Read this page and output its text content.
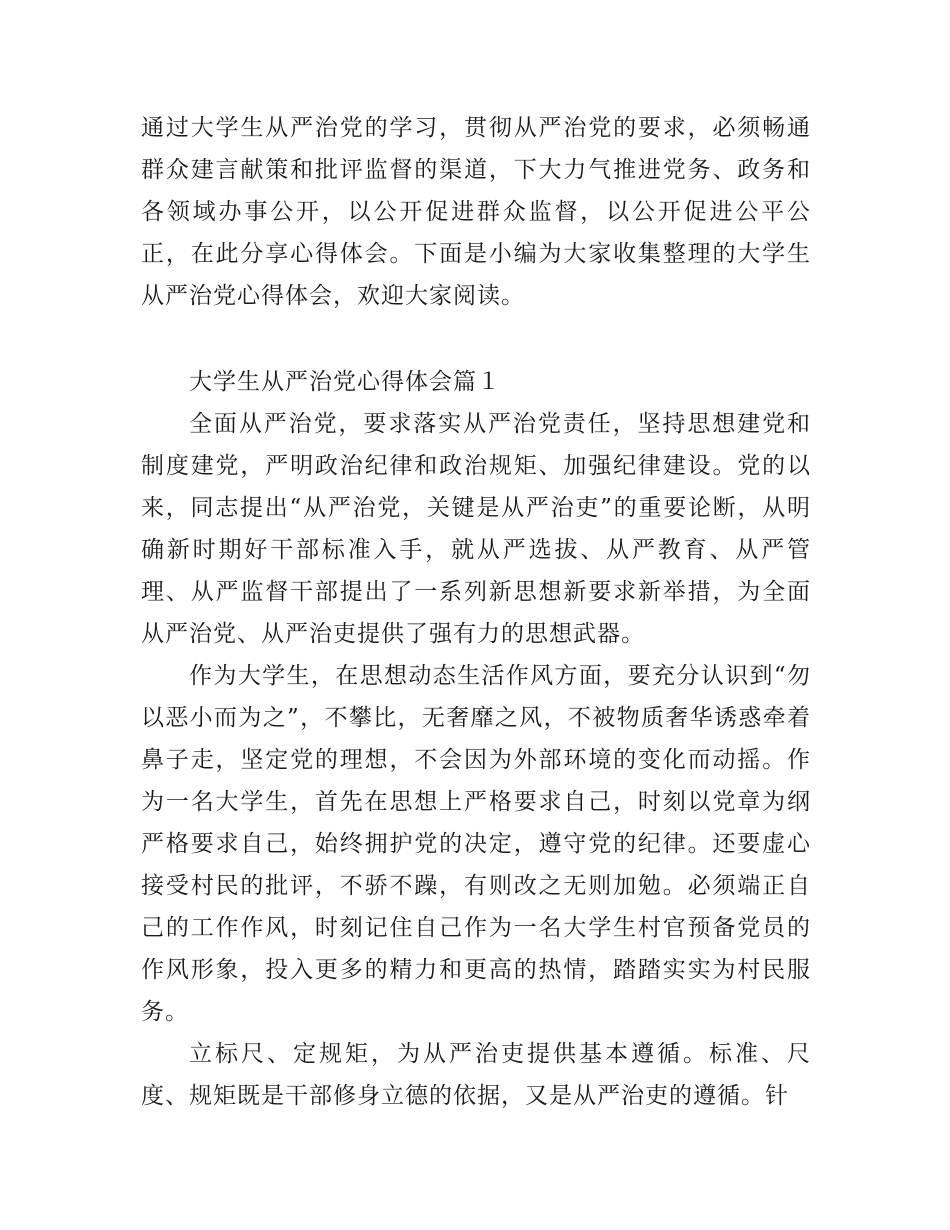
通过大学生从严治党的学习，贯彻从严治党的要求，必须畅通群众建言献策和批评监督的渠道，下大力气推进党务、政务和各领域办事公开，以公开促进群众监督，以公开促进公平公正，在此分享心得体会。下面是小编为大家收集整理的大学生从严治党心得体会，欢迎大家阅读。

大学生从严治党心得体会篇１

全面从严治党，要求落实从严治党责任，坚持思想建党和制度建党，严明政治纪律和政治规矩、加强纪律建设。党的以来，同志提出“从严治党，关键是从严治吏”的重要论断，从明确新时期好干部标准入手，就从严选拔、从严教育、从严管理、从严监督干部提出了一系列新思想新要求新举措，为全面从严治党、从严治吏提供了强有力的思想武器。

作为大学生，在思想动态生活作风方面，要充分认识到“勿以恶小而为之”，不攀比，无奢靡之风，不被物质奢华诱惑牵着鼻子走，坚定党的理想，不会因为外部环境的变化而动摇。作为一名大学生，首先在思想上严格要求自己，时刻以党章为纲严格要求自己，始终拥护党的决定，遵守党的纪律。还要虚心接受村民的批评，不骄不躁，有则改之无则加勉。必须端正自己的工作作风，时刻记住自己作为一名大学生村官预备党员的作风形象，投入更多的精力和更高的热情，踏踏实实为村民服务。

立标尺、定规矩，为从严治吏提供基本遵循。标准、尺度、规矩既是干部修身立德的依据，又是从严治吏的遵循。针
